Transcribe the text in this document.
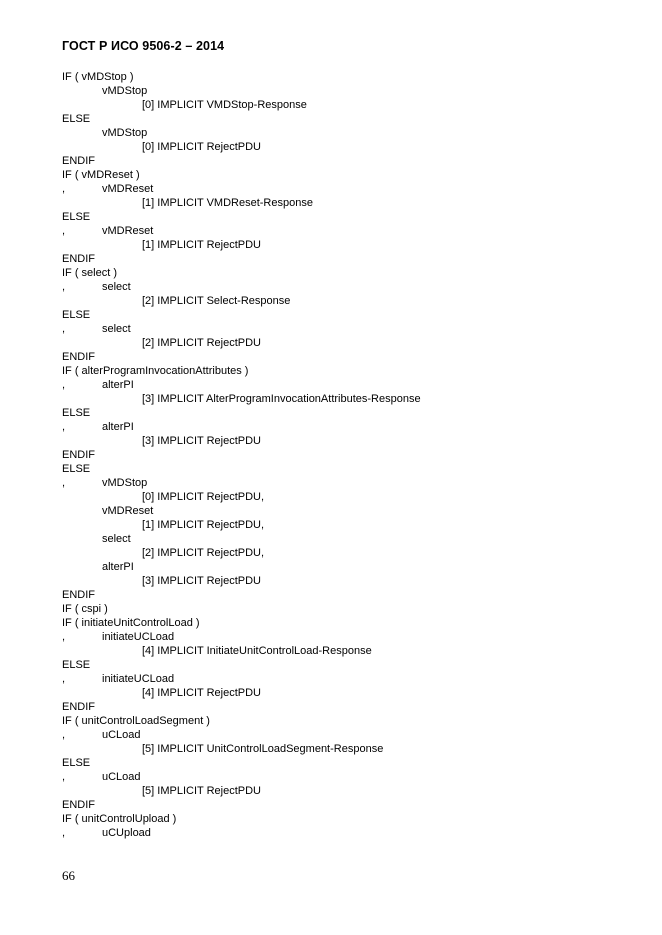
ГОСТ Р ИСО 9506-2 – 2014
IF ( vMDStop )
vMDStop
[0] IMPLICIT VMDStop-Response
ELSE
vMDStop
[0] IMPLICIT RejectPDU
ENDIF
IF ( vMDReset )
,	vMDReset
[1] IMPLICIT VMDReset-Response
ELSE
,	vMDReset
[1] IMPLICIT RejectPDU
ENDIF
IF ( select )
,	select
[2] IMPLICIT Select-Response
ELSE
,	select
[2] IMPLICIT RejectPDU
ENDIF
IF ( alterProgramInvocationAttributes )
,	alterPI
[3] IMPLICIT AlterProgramInvocationAttributes-Response
ELSE
,	alterPI
[3] IMPLICIT RejectPDU
ENDIF
ELSE
,	vMDStop
[0] IMPLICIT RejectPDU,
vMDReset
[1] IMPLICIT RejectPDU,
select
[2] IMPLICIT RejectPDU,
alterPI
[3] IMPLICIT RejectPDU
ENDIF
IF ( cspi )
IF ( initiateUnitControlLoad )
,	initiateUCLoad
[4] IMPLICIT InitiateUnitControlLoad-Response
ELSE
,	initiateUCLoad
[4] IMPLICIT RejectPDU
ENDIF
IF ( unitControlLoadSegment )
,	uCLoad
[5] IMPLICIT UnitControlLoadSegment-Response
ELSE
,	uCLoad
[5] IMPLICIT RejectPDU
ENDIF
IF ( unitControlUpload )
,	uCUpload
66
